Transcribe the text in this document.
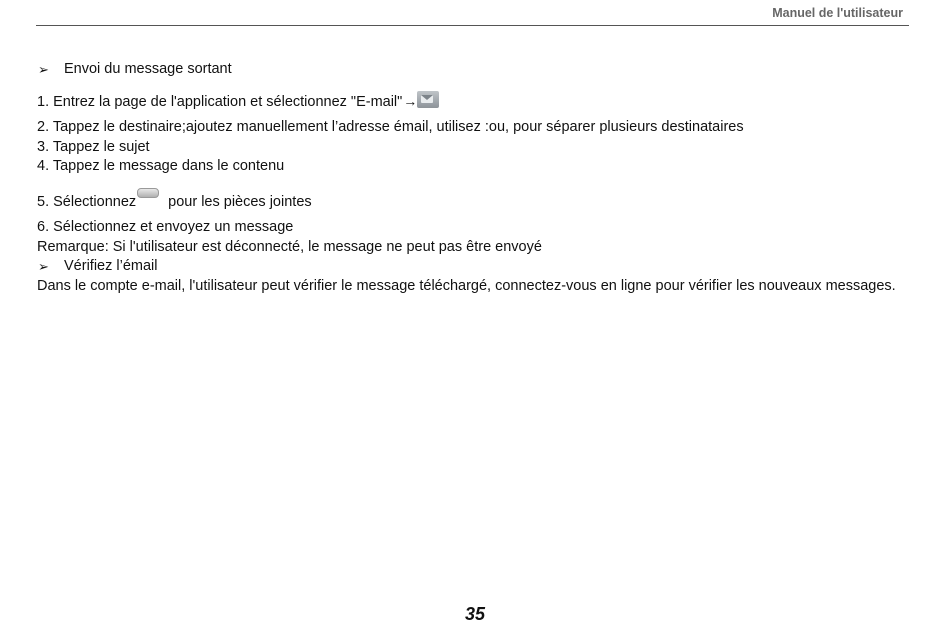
Manuel de l'utilisateur
➢	Envoi du message sortant
1. Entrez la page de l'application et sélectionnez "E-mail"→
2. Tappez le destinaire;ajoutez manuellement l’adresse émail, utilisez :ou, pour séparer plusieurs destinataires
3. Tappez le sujet
4. Tappez le message dans le contenu
5. Sélectionnez pour les pièces jointes
6. Sélectionnez et envoyez un message
Remarque: Si l'utilisateur est déconnecté, le message ne peut pas être envoyé
➢	Vérifiez l’émail
Dans le compte e-mail, l'utilisateur peut vérifier le message téléchargé, connectez-vous en ligne pour vérifier les nouveaux messages.
35
